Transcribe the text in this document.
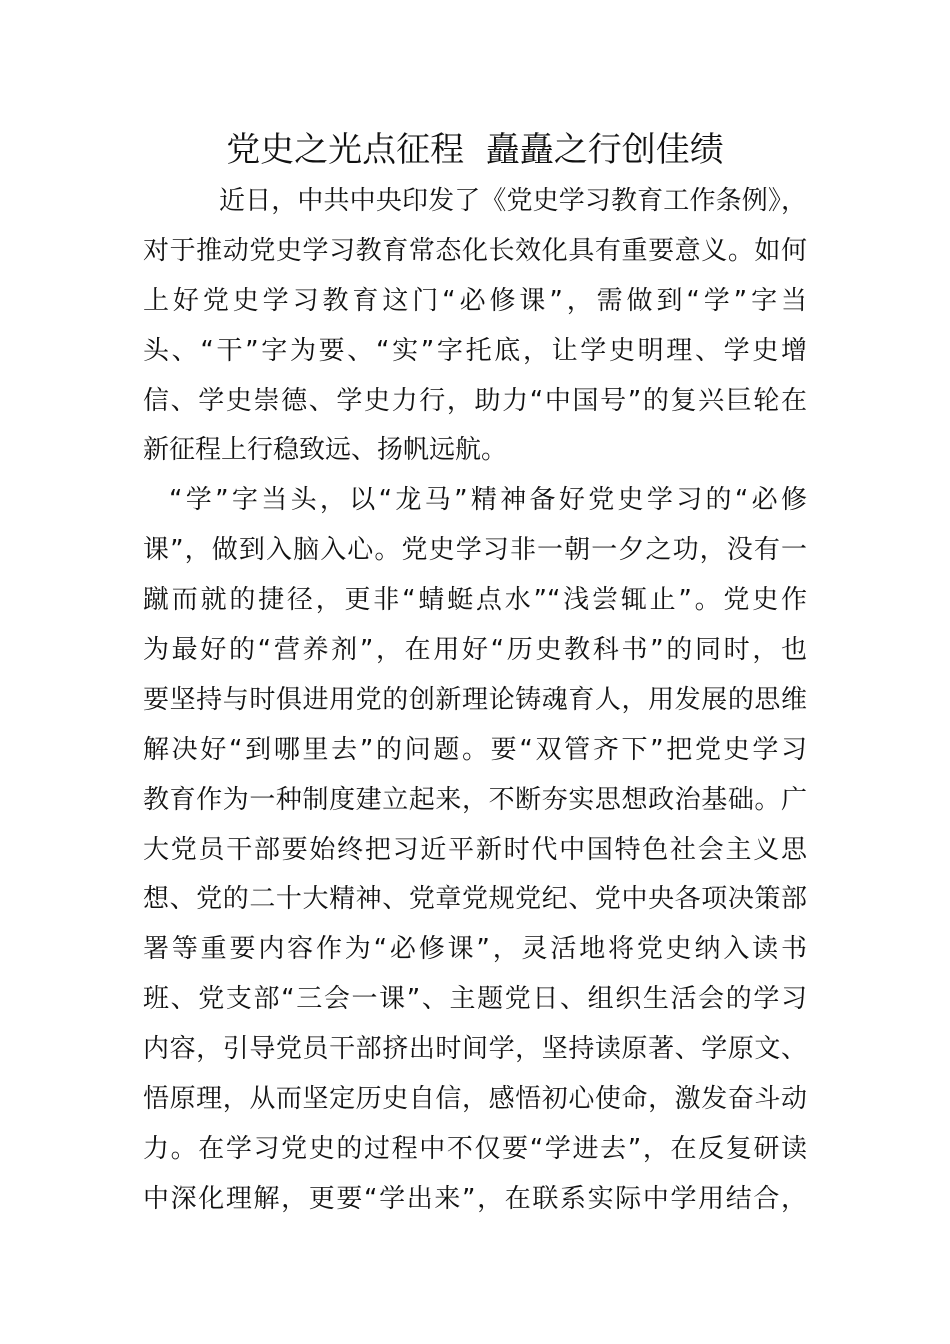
党史之光点征程  矗矗之行创佳绩
近日，中共中央印发了《党史学习教育工作条例》，
对于推动党史学习教育常态化长效化具有重要意义。如何
上好党史学习教育这门“必修课”，需做到“学”字当
头、“干”字为要、“实”字托底，让学史明理、学史增
信、学史崇德、学史力行，助力“中国号”的复兴巨轮在
新征程上行稳致远、扬帆远航。
“学”字当头，以“龙马”精神备好党史学习的“必修
课”，做到入脑入心。党史学习非一朝一夕之功，没有一
蹴而就的捷径，更非“蜻蜓点水”“浅尝辄止”。党史作
为最好的“营养剂”，在用好“历史教科书”的同时，也
要坚持与时俱进用党的创新理论铸魂育人，用发展的思维
解决好“到哪里去”的问题。要“双管齐下”把党史学习
教育作为一种制度建立起来，不断夯实思想政治基础。广
大党员干部要始终把习近平新时代中国特色社会主义思
想、党的二十大精神、党章党规党纪、党中央各项决策部
署等重要内容作为“必修课”，灵活地将党史纳入读书
班、党支部“三会一课”、主题党日、组织生活会的学习
内容，引导党员干部挤出时间学，坚持读原著、学原文、
悟原理，从而坚定历史自信，感悟初心使命，激发奋斗动
力。在学习党史的过程中不仅要“学进去”，在反复研读
中深化理解，更要“学出来”，在联系实际中学用结合，
